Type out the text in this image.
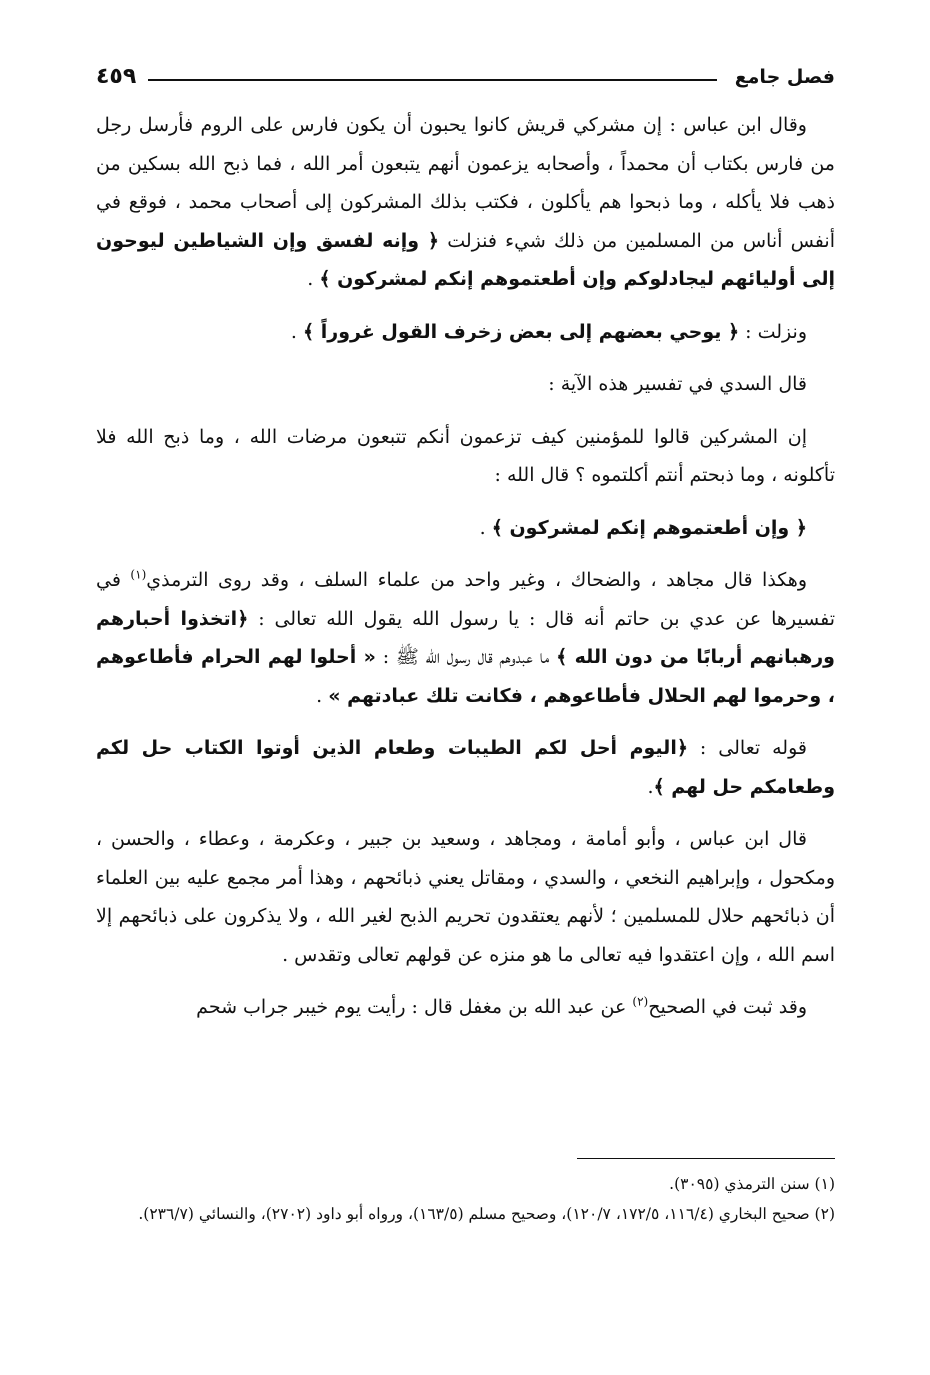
فصل جامع
٤٥٩

وقال ابن عباس : إن مشركي قريش كانوا يحبون أن يكون فارس على الروم فأرسل رجل من فارس بكتاب أن محمداً ، وأصحابه يزعمون أنهم يتبعون أمر الله ، فما ذبح الله بسكين من ذهب فلا يأكله ، وما ذبحوا هم يأكلون ، فكتب بذلك المشركون إلى أصحاب محمد ، فوقع في أنفس أناس من المسلمين من ذلك شيء فنزلت ﴿ وإنه لفسق وإن الشياطين ليوحون إلى أوليائهم ليجادلوكم وإن أطعتموهم إنكم لمشركون ﴾ .

ونزلت : ﴿ يوحي بعضهم إلى بعض زخرف القول غروراً ﴾ .

قال السدي في تفسير هذه الآية :

إن المشركين قالوا للمؤمنين كيف تزعمون أنكم تتبعون مرضات الله ، وما ذبح الله فلا تأكلونه ، وما ذبحتم أنتم أكلتموه ؟ قال الله :

﴿ وإن أطعتموهم إنكم لمشركون ﴾ .

وهكذا قال مجاهد ، والضحاك ، وغير واحد من علماء السلف ، وقد روى الترمذي$^{(١)}$ في تفسيرها عن عدي بن حاتم أنه قال : يا رسول الله يقول الله تعالى : ﴿اتخذوا أحبارهم ورهبانهم أربابًا من دون الله ﴾ ما عبدوهم قال رسول الله ﷺ : « أحلوا لهم الحرام فأطاعوهم ، وحرموا لهم الحلال فأطاعوهم ، فكانت تلك عبادتهم » .

قوله تعالى : ﴿اليوم أحل لكم الطيبات وطعام الذين أوتوا الكتاب حل لكم وطعامكم حل لهم ﴾.

قال ابن عباس ، وأبو أمامة ، ومجاهد ، وسعيد بن جبير ، وعكرمة ، وعطاء ، والحسن ، ومكحول ، وإبراهيم النخعي ، والسدي ، ومقاتل يعني ذبائحهم ، وهذا أمر مجمع عليه بين العلماء أن ذبائحهم حلال للمسلمين ؛ لأنهم يعتقدون تحريم الذبح لغير الله ، ولا يذكرون على ذبائحهم إلا اسم الله ، وإن اعتقدوا فيه تعالى ما هو منزه عن قولهم تعالى وتقدس .

وقد ثبت في الصحيح$^{(٢)}$ عن عبد الله بن مغفل قال : رأيت يوم خيبر جراب شحم

(١) سنن الترمذي (٣٠٩٥).

(٢) صحيح البخاري (١١٦/٤، ١٧٢/٥، ١٢٠/٧)، وصحيح مسلم (١٦٣/٥)، ورواه أبو داود (٢٧٠٢)، والنسائي (٢٣٦/٧).
